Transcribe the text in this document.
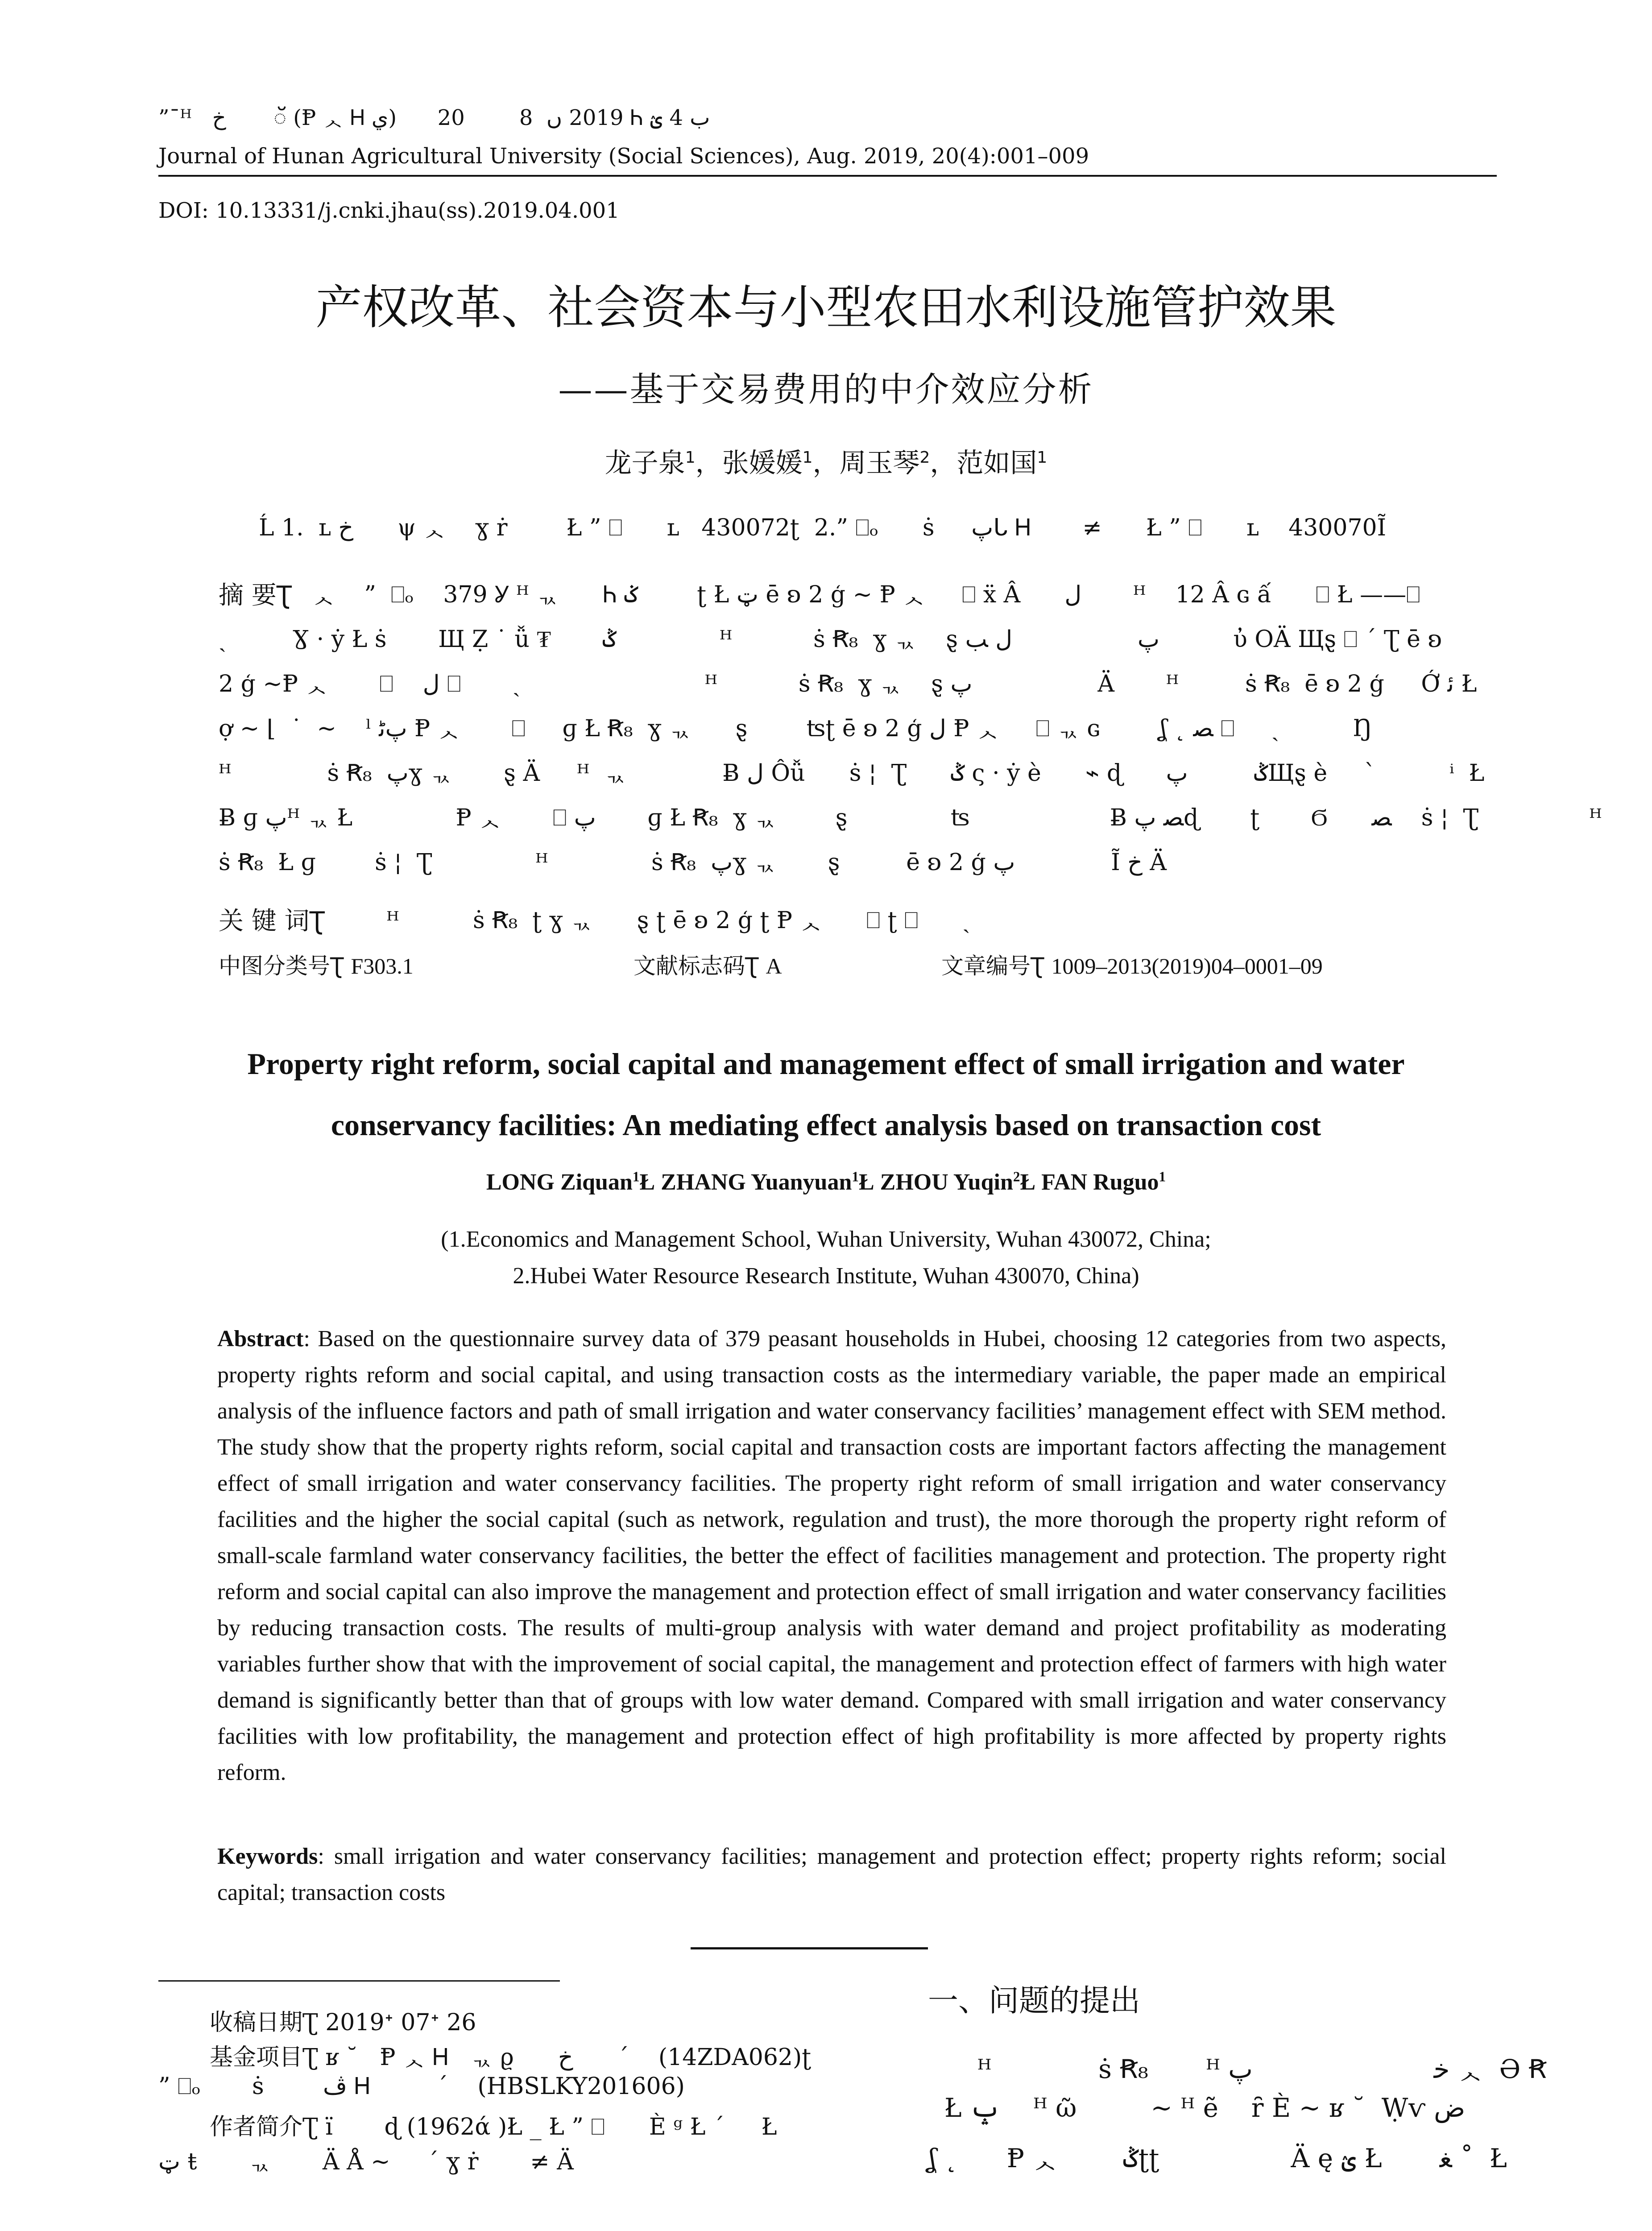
”¯ᴴ   ﺥ       ॅ (Ᵽ ᆺ Ꮋ ي)      2019 ں  8        20 Ꮒ ب 4 ؽ
Journal of Hunan Agricultural University (Social Sciences), Aug. 2019, 20(4):001–009
DOI: 10.13331/j.cnki.jhau(ss).2019.04.001
产权改革、社会资本与小型农田水利设施管护效果
——基于交易费用的中介效应分析
龙子泉$^1$，张媛媛$^1$，周玉琴$^2$，范如国$^1$
Ĺ 1.  ʟ ﺥ      ψ ᆺ    ɣ ṙ        Ł ” ⎕      ʟ   430072ʈ  2.” ⎕ₒ      ṡ     پᒐ Ꮋ       ≠      Ł ” ⎕      ʟ    430070Ĩ
摘 要Ʈ ᆺ    ”  ⎕ₒ    379 Ỿ ᴴ ᆪ      Ꮒ ݢ        ʈ Ł ټ ē ʚ 2 ģ ~ Ᵽ ᆺ     ⎕ ẍ Â      ﻝ       ᴴ    12 Â ɢ ấ      ⎕ Ł ——⎕
ˏ         Ɣ · ẏ Ł ṡ       Щ Ẓ ˙ ǚ ₮       ݣ              ᴴ           ṡ Ꞧ₈  ɣ ᆪ    ȿ پ                 ﻝ ﺐ          ὐ ОÄ Щȿ ⎕ ΄ Ʈ ē ʚ
2 ģ ~Ᵽ ᆺ       ⎕    ﻝ ⎕       ˏ                         ᴴ           ṡ Ꞧ₈  ɣ ᆪ    ȿ پ                 Ä       ᴴ         ṡ Ꞧ₈  ē ʚ 2 ģ     Ớ ﺋ Ł
ợ ~ ⌊  ˙  ~    ˡ پﮢ Ᵽ ᆺ       ⎕     ɡ Ł Ꞧ₈  ɣ ᆪ      ȿ        ʦʈ ē ʚ 2 ģ ﻝ Ᵽ ᆺ     ⎕ ᆪ ɢ        ʆ ˛ ﺼ ⎕     ˏ          Ŋ
ᴴ             ṡ Ꞧ₈  پɣ ᆪ       ȿ Ä     ᴴ  ᆪ             Ƀ ﻝ Ôǚ      ṡ ¦  Ʈ      ݣ ς · ẏ è      ⌁ ɖ      ݣ         پЩȿ è     ˋ          ⁱ  Ł
Ƀ ɡ پᴴ ᆪ Ł              Ᵽ ᆺ       ⎕ پ       ɡ Ł Ꞧ₈  ɣ ᆪ        ȿ              ʦ                   Ƀ ﺼ پɖ       ʈ       Ϭ      ﺼ    ṡ ¦  Ʈ               ᴴ
ṡ Ꞧ₈  Ł ɡ        ṡ ¦  Ʈ              ᴴ              ṡ Ꞧ₈  پɣ ᆪ       ȿ         ē ʚ 2 ģ پ             Ĩ ﺥ Ä
关 键 词Ʈ ᴴ          ṡ Ꞧ₈  ʈ ɣ ᆪ      ȿ ʈ ē ʚ 2 ģ ʈ Ᵽ ᆺ      ⎕ ʈ ⎕      ˏ
中图分类号Ʈ F303.1	文献标志码Ʈ A	文章编号Ʈ 1009–2013(2019)04–0001–09
Property right reform, social capital and management effect of small irrigation and water
conservancy facilities: An mediating effect analysis based on transaction cost
LONG Ziquan$^1$Ł ZHANG Yuanyuan$^1$Ł ZHOU Yuqin$^2$Ł FAN Ruguo$^1$
(1.Economics and Management School, Wuhan University, Wuhan 430072, China;
2.Hubei Water Resource Research Institute, Wuhan 430070, China)
Abstract: Based on the questionnaire survey data of 379 peasant households in Hubei, choosing 12 categories from two aspects, property rights reform and social capital, and using transaction costs as the intermediary variable, the paper made an empirical analysis of the influence factors and path of small irrigation and water conservancy facilities’ management effect with SEM method. The study show that the property rights reform, social capital and transaction costs are important factors affecting the management effect of small irrigation and water conservancy facilities. The property right reform of small irrigation and water conservancy facilities and the higher the social capital (such as network, regulation and trust), the more thorough the property right reform of small-scale farmland water conservancy facilities, the better the effect of facilities management and protection. The property right reform and social capital can also improve the management and protection effect of small irrigation and water conservancy facilities by reducing transaction costs. The results of multi-group analysis with water demand and project profitability as moderating variables further show that with the improvement of social capital, the management and protection effect of farmers with high water demand is significantly better than that of groups with low water demand. Compared with small irrigation and water conservancy facilities with low profitability, the management and protection effect of high profitability is more affected by property rights reform.
Keywords: small irrigation and water conservancy facilities; management and protection effect; property rights reform; social capital; transaction costs
收稿日期Ʈ 2019ᐩ 07ᐩ 26
基金项目Ʈ ʁ ˘   Ᵽ ᆺ Ꮋ   ᆪ ϱ      ﺥ      ˊ    (14ZDA062)ʈ
” ⎕ₒ       ṡ        ڤ Ꮋ         ˊ    (HBSLKY201606)
作者简介Ʈ ï       ɖ (1962ά )Ł _ Ł ” ⎕      È ᵍ Ł ˊ     Ł
ټ ŧ       ᆪ       Ä Å ~     ˊ ɣ ṙ       ≠ Ä
一、问题的提出
ᴴ             ṡ Ꞧ₈       ᴴ ﺧ                      پ ᆺ  Ə Ꞧ
Ł ݒ    ᴴ ῶ         ~ ᴴ ẽ    ȓ È ~ ʁ ˘  Ẉѵ ﺽ
ʆ ˛      Ᵽ ᆺ        ݣʈʈ                Ä ę ؽ Ł       ﻐ ˚  Ł
